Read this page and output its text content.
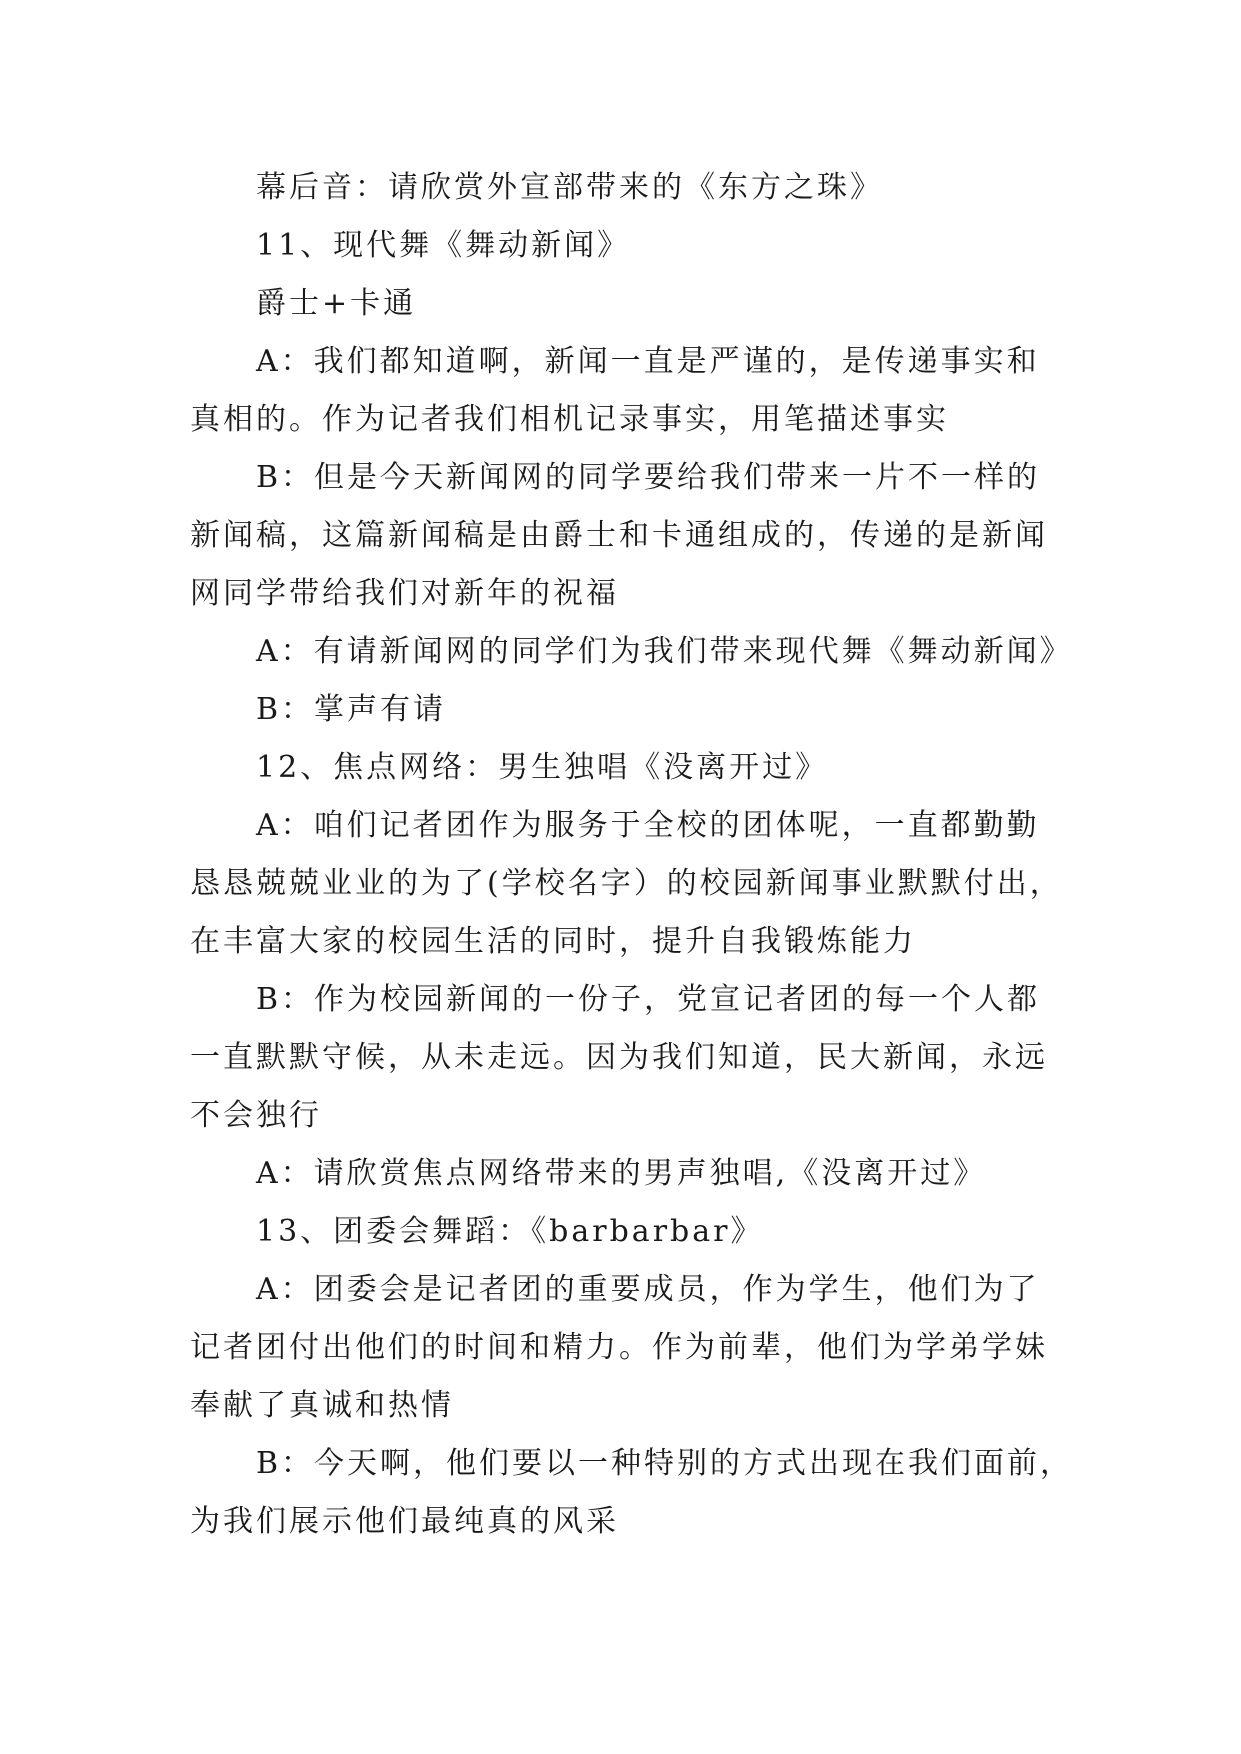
幕后音：请欣赏外宣部带来的《东方之珠》
11、现代舞《舞动新闻》
爵士+卡通
A：我们都知道啊，新闻一直是严谨的，是传递事实和
真相的。作为记者我们相机记录事实，用笔描述事实
B：但是今天新闻网的同学要给我们带来一片不一样的
新闻稿，这篇新闻稿是由爵士和卡通组成的，传递的是新闻
网同学带给我们对新年的祝福
A：有请新闻网的同学们为我们带来现代舞《舞动新闻》
B：掌声有请
12、焦点网络：男生独唱《没离开过》
A：咱们记者团作为服务于全校的团体呢，一直都勤勤
恳恳兢兢业业的为了(学校名字）的校园新闻事业默默付出，
在丰富大家的校园生活的同时，提升自我锻炼能力
B：作为校园新闻的一份子，党宣记者团的每一个人都
一直默默守候，从未走远。因为我们知道，民大新闻，永远
不会独行
A：请欣赏焦点网络带来的男声独唱,《没离开过》
13、团委会舞蹈：《barbarbar》
A：团委会是记者团的重要成员，作为学生，他们为了
记者团付出他们的时间和精力。作为前辈，他们为学弟学妹
奉献了真诚和热情
B：今天啊，他们要以一种特别的方式出现在我们面前，
为我们展示他们最纯真的风采
